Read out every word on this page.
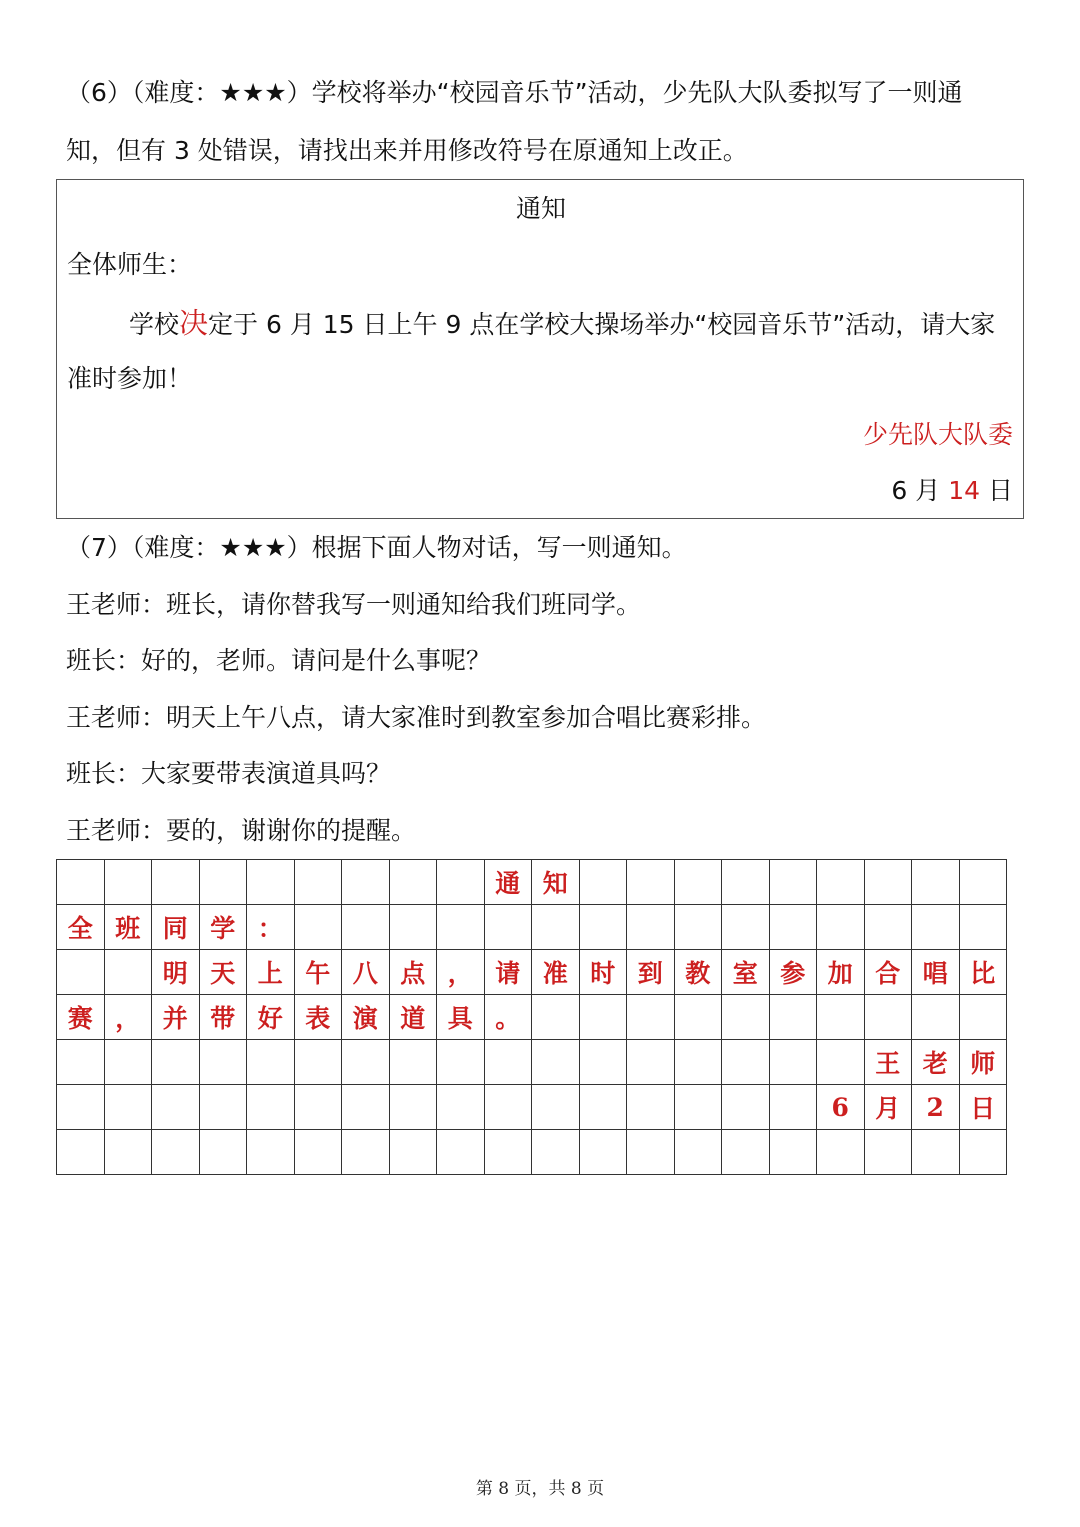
（6）（难度：★★★）学校将举办“校园音乐节”活动，少先队大队委拟写了一则通
知，但有 3 处错误，请找出来并用修改符号在原通知上改正。
通知
全体师生：
学校决定于 6 月 15 日上午 9 点在学校大操场举办“校园音乐节”活动，请大家
准时参加！
少先队大队委
6 月 14 日
（7）（难度：★★★）根据下面人物对话，写一则通知。
王老师：班长，请你替我写一则通知给我们班同学。
班长：好的，老师。请问是什么事呢？
王老师：明天上午八点，请大家准时到教室参加合唱比赛彩排。
班长：大家要带表演道具吗？
王老师：要的，谢谢你的提醒。
									通	知									
全	班	同	学	：															
		明	天	上	午	八	点	，	请	准	时	到	教	室	参	加	合	唱	比
赛	，	并	带	好	表	演	道	具	。										
																	王	老	师
																6	月	2	日

第 8 页，共 8 页
